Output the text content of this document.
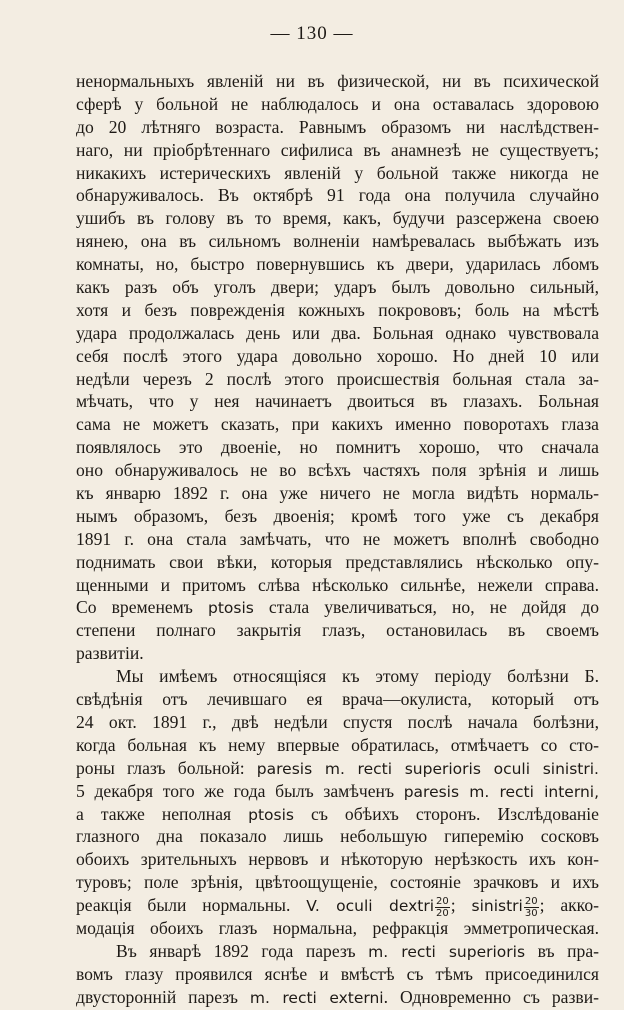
— 130 —
ненормальныхъ явленій ни въ физической, ни въ психической
сферѣ у больной не наблюдалось и она оставалась здоровою
до 20 лѣтняго возраста. Равнымъ образомъ ни наслѣдствен-
наго, ни пріобрѣтеннаго сифилиса въ анамнезѣ не существуетъ;
никакихъ истерическихъ явленій у больной также никогда не
обнаруживалось. Въ октябрѣ 91 года она получила случайно
ушибъ въ голову въ то время, какъ, будучи разсержена своею
нянею, она въ сильномъ волненіи намѣревалась выбѣжать изъ
комнаты, но, быстро повернувшись къ двери, ударилась лбомъ
какъ разъ объ уголъ двери; ударъ былъ довольно сильный,
хотя и безъ поврежденія кожныхъ покрововъ; боль на мѣстѣ
удара продолжалась день или два. Больная однако чувствовала
себя послѣ этого удара довольно хорошо. Но дней 10 или
недѣли черезъ 2 послѣ этого происшествія больная стала за-
мѣчать, что у нея начинаетъ двоиться въ глазахъ. Больная
сама не можетъ сказать, при какихъ именно поворотахъ глаза
появлялось это двоеніе, но помнитъ хорошо, что сначала
оно обнаруживалось не во всѣхъ частяхъ поля зрѣнія и лишь
къ январю 1892 г. она уже ничего не могла видѣть нормаль-
нымъ образомъ, безъ двоенія; кромѣ того уже съ декабря
1891 г. она стала замѣчать, что не можетъ вполнѣ свободно
поднимать свои вѣки, которыя представлялись нѣсколько опу-
щенными и притомъ слѣва нѣсколько сильнѣе, нежели справа.
Со временемъ ptosis стала увеличиваться, но, не дойдя до
степени полнаго закрытія глазъ, остановилась въ своемъ
развитіи.
Мы имѣемъ относящіяся къ этому періоду болѣзни Б.
свѣдѣнія отъ лечившаго ея врача—окулиста, который отъ
24 окт. 1891 г., двѣ недѣли спустя послѣ начала болѣзни,
когда больная къ нему впервые обратилась, отмѣчаетъ со сто-
роны глазъ больной: paresis m. recti superioris oculi sinistri.
5 декабря того же года былъ замѣченъ paresis m. recti interni,
а также неполная ptosis съ обѣихъ сторонъ. Изслѣдованіе
глазного дна показало лишь небольшую гиперемію сосковъ
обоихъ зрительныхъ нервовъ и нѣкоторую нерѣзкость ихъ кон-
туровъ; поле зрѣнія, цвѣтоощущеніе, состояніе зрачковъ и ихъ
реакція были нормальны. V. oculi dextri $\frac{20}{20}$ ; sinistri $\frac{20}{30}$ ; акко-
модація обоихъ глазъ нормальна, рефракція эмметропическая.
Въ январѣ 1892 года парезъ m. recti superioris въ пра-
вомъ глазу проявился яснѣе и вмѣстѣ съ тѣмъ присоединился
двусторонній парезъ m. recti externi. Одновременно съ разви-
